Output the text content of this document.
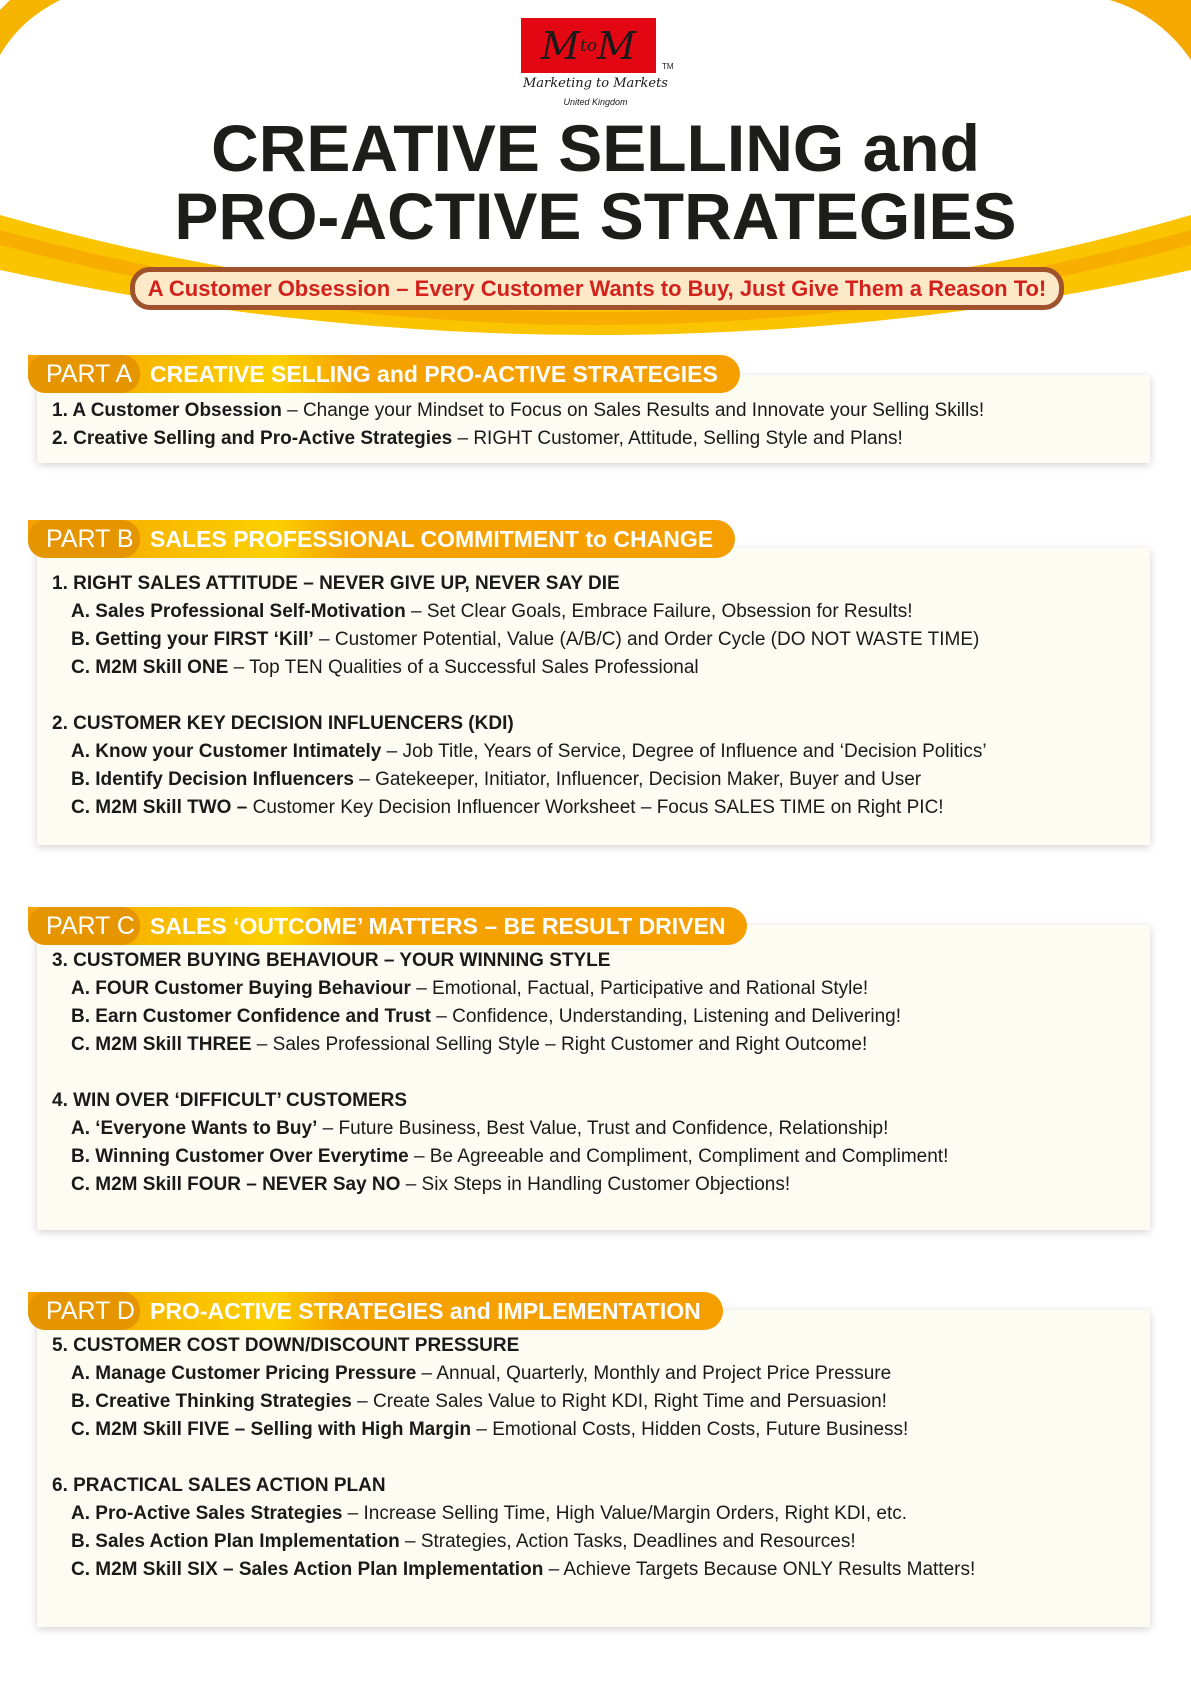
M to M	TM
Marketing to Markets
United Kingdom
CREATIVE SELLING and
PRO-ACTIVE STRATEGIES
A Customer Obsession – Every Customer Wants to Buy, Just Give Them a Reason To!
1. A Customer Obsession – Change your Mindset to Focus on Sales Results and Innovate your Selling Skills!
2. Creative Selling and Pro-Active Strategies – RIGHT Customer, Attitude, Selling Style and Plans!
PART A CREATIVE SELLING and PRO-ACTIVE STRATEGIES
1. RIGHT SALES ATTITUDE – NEVER GIVE UP, NEVER SAY DIE
A. Sales Professional Self-Motivation – Set Clear Goals, Embrace Failure, Obsession for Results!
B. Getting your FIRST ‘Kill’ – Customer Potential, Value (A/B/C) and Order Cycle (DO NOT WASTE TIME)
C. M2M Skill ONE – Top TEN Qualities of a Successful Sales Professional
2. CUSTOMER KEY DECISION INFLUENCERS (KDI)
A. Know your Customer Intimately – Job Title, Years of Service, Degree of Influence and ‘Decision Politics’
B. Identify Decision Influencers – Gatekeeper, Initiator, Influencer, Decision Maker, Buyer and User
C. M2M Skill TWO – Customer Key Decision Influencer Worksheet – Focus SALES TIME on Right PIC!
PART B SALES PROFESSIONAL COMMITMENT to CHANGE
3. CUSTOMER BUYING BEHAVIOUR – YOUR WINNING STYLE
A. FOUR Customer Buying Behaviour – Emotional, Factual, Participative and Rational Style!
B. Earn Customer Confidence and Trust – Confidence, Understanding, Listening and Delivering!
C. M2M Skill THREE – Sales Professional Selling Style – Right Customer and Right Outcome!
4. WIN OVER ‘DIFFICULT’ CUSTOMERS
A. ‘Everyone Wants to Buy’ – Future Business, Best Value, Trust and Confidence, Relationship!
B. Winning Customer Over Everytime – Be Agreeable and Compliment, Compliment and Compliment!
C. M2M Skill FOUR – NEVER Say NO – Six Steps in Handling Customer Objections!
PART C SALES ‘OUTCOME’ MATTERS – BE RESULT DRIVEN
5. CUSTOMER COST DOWN/DISCOUNT PRESSURE
A. Manage Customer Pricing Pressure – Annual, Quarterly, Monthly and Project Price Pressure
B. Creative Thinking Strategies – Create Sales Value to Right KDI, Right Time and Persuasion!
C. M2M Skill FIVE – Selling with High Margin – Emotional Costs, Hidden Costs, Future Business!
6. PRACTICAL SALES ACTION PLAN
A. Pro-Active Sales Strategies – Increase Selling Time, High Value/Margin Orders, Right KDI, etc.
B. Sales Action Plan Implementation – Strategies, Action Tasks, Deadlines and Resources!
C. M2M Skill SIX – Sales Action Plan Implementation – Achieve Targets Because ONLY Results Matters!
PART D PRO-ACTIVE STRATEGIES and IMPLEMENTATION
